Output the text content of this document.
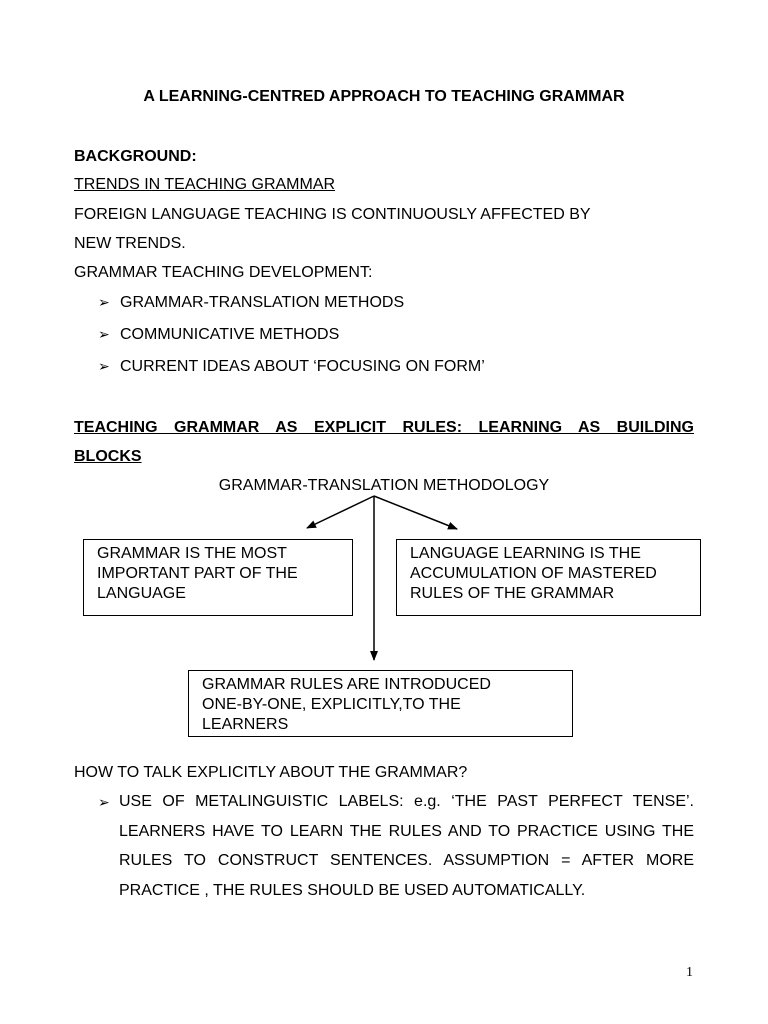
A LEARNING-CENTRED APPROACH TO TEACHING GRAMMAR
BACKGROUND:
TRENDS IN TEACHING GRAMMAR
FOREIGN LANGUAGE TEACHING IS CONTINUOUSLY AFFECTED BY
NEW TRENDS.
GRAMMAR TEACHING DEVELOPMENT:
➢ GRAMMAR-TRANSLATION METHODS
➢ COMMUNICATIVE METHODS
➢ CURRENT IDEAS ABOUT ‘FOCUSING ON FORM’
TEACHING GRAMMAR AS EXPLICIT RULES: LEARNING AS BUILDING
BLOCKS
GRAMMAR-TRANSLATION METHODOLOGY
GRAMMAR IS THE MOST
IMPORTANT PART OF THE
LANGUAGE
LANGUAGE LEARNING IS THE
ACCUMULATION OF MASTERED
RULES OF THE GRAMMAR
GRAMMAR RULES ARE INTRODUCED
ONE-BY-ONE, EXPLICITLY,TO THE
LEARNERS
HOW TO TALK EXPLICITLY ABOUT THE GRAMMAR?
➢ USE OF METALINGUISTIC LABELS: e.g. ‘THE PAST PERFECT TENSE’. LEARNERS HAVE TO LEARN THE RULES AND TO PRACTICE USING THE RULES TO CONSTRUCT SENTENCES. ASSUMPTION = AFTER MORE PRACTICE , THE RULES SHOULD BE USED AUTOMATICALLY.
1
